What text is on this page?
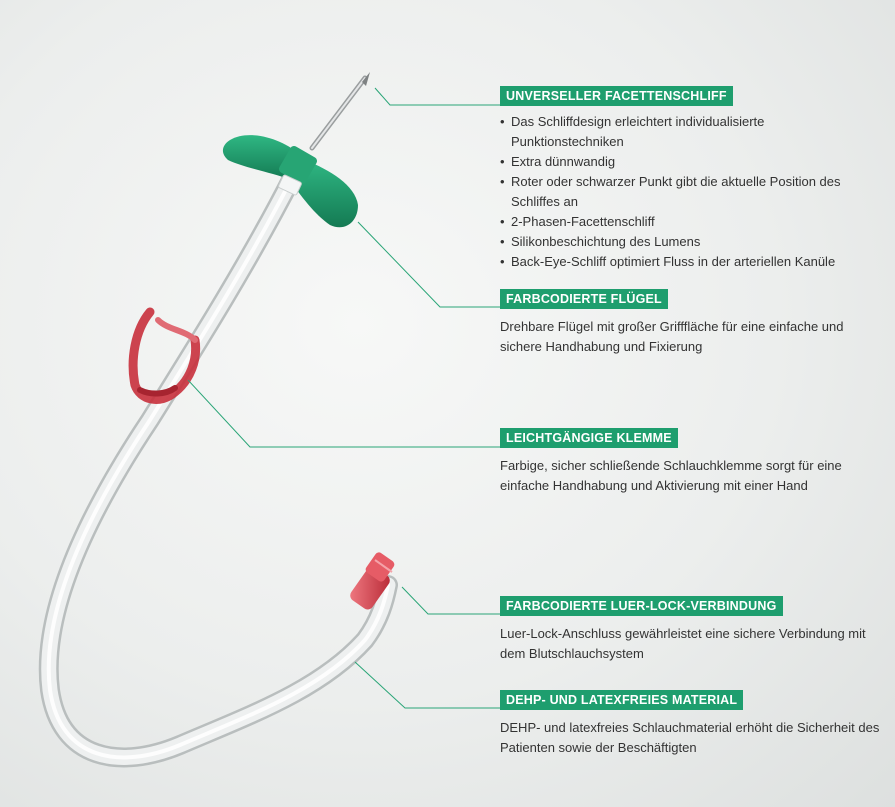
UNVERSELLER FACETTENSCHLIFF
• Das Schliffdesign erleichtert individualisierte Punktionstechniken
• Extra dünnwandig
• Roter oder schwarzer Punkt gibt die aktuelle Position des Schliffes an
• 2-Phasen-Facettenschliff
• Silikonbeschichtung des Lumens
• Back-Eye-Schliff optimiert Fluss in der arteriellen Kanüle
FARBCODIERTE FLÜGEL
Drehbare Flügel mit großer Grifffläche für eine einfache und sichere Handhabung und Fixierung
LEICHTGÄNGIGE KLEMME
Farbige, sicher schließende Schlauchklemme sorgt für eine einfache Handhabung und Aktivierung mit einer Hand
FARBCODIERTE LUER-LOCK-VERBINDUNG
Luer-Lock-Anschluss gewährleistet eine sichere Verbindung mit dem Blutschlauchsystem
DEHP- UND LATEXFREIES MATERIAL
DEHP- und latexfreies Schlauchmaterial erhöht die Sicherheit des Patienten sowie der Beschäftigten
